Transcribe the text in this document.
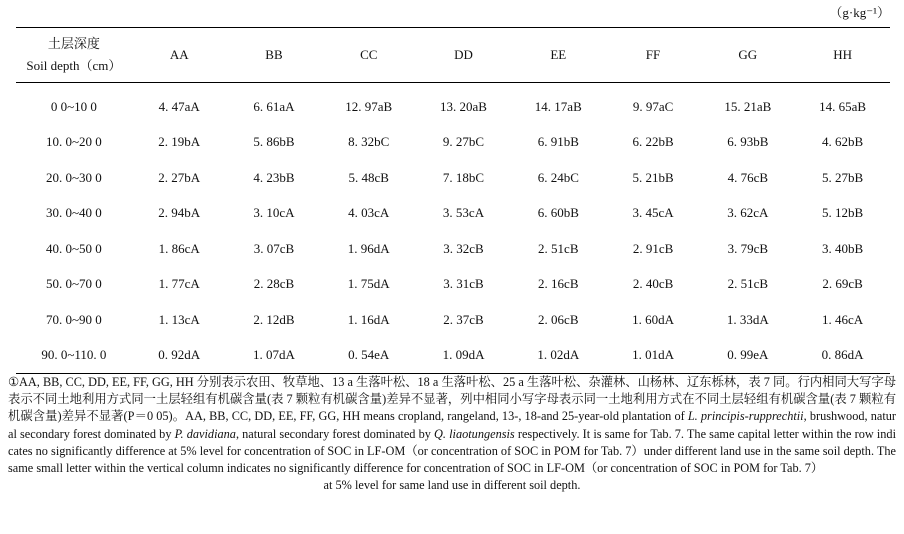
（g·kg⁻¹）
土层深度
Soil depth（cm）	AA	BB	CC	DD	EE	FF	GG	HH
0 0~10 0	4. 47aA	6. 61aA	12. 97aB	13. 20aB	14. 17aB	9. 97aC	15. 21aB	14. 65aB
10. 0~20 0	2. 19bA	5. 86bB	8. 32bC	9. 27bC	6. 91bB	6. 22bB	6. 93bB	4. 62bB
20. 0~30 0	2. 27bA	4. 23bB	5. 48cB	7. 18bC	6. 24bC	5. 21bB	4. 76cB	5. 27bB
30. 0~40 0	2. 94bA	3. 10cA	4. 03cA	3. 53cA	6. 60bB	3. 45cA	3. 62cA	5. 12bB
40. 0~50 0	1. 86cA	3. 07cB	1. 96dA	3. 32cB	2. 51cB	2. 91cB	3. 79cB	3. 40bB
50. 0~70 0	1. 77cA	2. 28cB	1. 75dA	3. 31cB	2. 16cB	2. 40cB	2. 51cB	2. 69cB
70. 0~90 0	1. 13cA	2. 12dB	1. 16dA	2. 37cB	2. 06cB	1. 60dA	1. 33dA	1. 46cA
90. 0~110. 0	0. 92dA	1. 07dA	0. 54eA	1. 09dA	1. 02dA	1. 01dA	0. 99eA	0. 86dA
①AA, BB, CC, DD, EE, FF, GG, HH 分别表示农田、牧草地、13 a 生落叶松、18 a 生落叶松、25 a 生落叶松、杂灌林、山杨林、辽东栎林，表 7 同。行内相同大写字母表示不同土地利用方式同一土层轻组有机碳含量(表 7 颗粒有机碳含量)差异不显著，列中相同小写字母表示同一土地利用方式在不同土层轻组有机碳含量(表 7 颗粒有机碳含量)差异不显著(P＝0 05)。AA, BB, CC, DD, EE, FF, GG, HH means cropland, rangeland, 13-, 18-and 25-year-old plantation of L. principis-rupprechtii, brushwood, natural secondary forest dominated by P. davidiana, natural secondary forest dominated by Q. liaotungensis respectively. It is same for Tab. 7. The same capital letter within the row indicates no significantly difference at 5% level for concentration of SOC in LF-OM（or concentration of SOC in POM for Tab. 7）under different land use in the same soil depth. The same small letter within the vertical column indicates no significantly difference for concentration of SOC in LF-OM（or concentration of SOC in POM for Tab. 7）
at 5% level for same land use in different soil depth.
